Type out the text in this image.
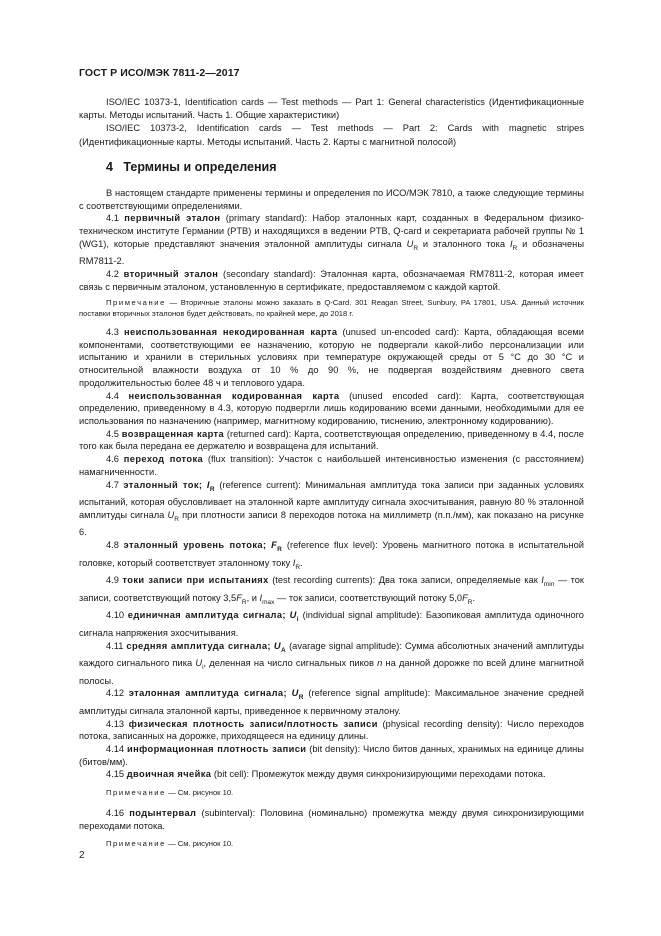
ГОСТ Р ИСО/МЭК 7811-2—2017

ISO/IEC 10373-1, Identification cards — Test methods — Part 1: General characteristics (Идентификационные карты. Методы испытаний. Часть 1. Общие характеристики)

ISO/IEC 10373-2, Identification cards — Test methods — Part 2: Cards with magnetic stripes (Идентификационные карты. Методы испытаний. Часть 2. Карты с магнитной полосой)

4 Термины и определения

В настоящем стандарте применены термины и определения по ИСО/МЭК 7810, а также следующие термины с соответствующими определениями.

4.1 первичный эталон (primary standard): Набор эталонных карт, созданных в Федеральном физико-техническом институте Германии (PTB) и находящихся в ведении PTB, Q-card и секретариата рабочей группы № 1 (WG1), которые представляют значения эталонной амплитуды сигнала $U_R$ и эталонного тока $I_R$ и обозначены RM7811-2.

4.2 вторичный эталон (secondary standard): Эталонная карта, обозначаемая RM7811-2, которая имеет связь с первичным эталоном, установленную в сертификате, предоставляемом с каждой картой.

Примечание — Вторичные эталоны можно заказать в Q-Card. 301 Reagan Street, Sunbury, PA 17801, USA. Данный источник поставки вторичных эталонов будет действовать, по крайней мере, до 2018 г.

4.3 неиспользованная некодированная карта (unused un-encoded card): Карта, обладающая всеми компонентами, соответствующими ее назначению, которую не подвергали какой-либо персонализации или испытанию и хранили в стерильных условиях при температуре окружающей среды от 5 °С до 30 °С и относительной влажности воздуха от 10 % до 90 %, не подвергая воздействиям дневного света продолжительностью более 48 ч и теплового удара.

4.4 неиспользованная кодированная карта (unused encoded card): Карта, соответствующая определению, приведенному в 4.3, которую подвергли лишь кодированию всеми данными, необходимыми для ее использования по назначению (например, магнитному кодированию, тиснению, электронному кодированию).

4.5 возвращенная карта (returned card): Карта, соответствующая определению, приведенному в 4.4, после того как была передана ее держателю и возвращена для испытаний.

4.6 переход потока (flux transition): Участок с наибольшей интенсивностью изменения (с расстоянием) намагниченности.

4.7 эталонный ток; $I_R$ (reference current): Минимальная амплитуда тока записи при заданных условиях испытаний, которая обусловливает на эталонной карте амплитуду сигнала эхосчитывания, равную 80 % эталонной амплитуды сигнала $U_R$ при плотности записи 8 переходов потока на миллиметр (п.п./мм), как показано на рисунке 6.

4.8 эталонный уровень потока; $F_R$ (reference flux level): Уровень магнитного потока в испытательной головке, который соответствует эталонному току $I_R$.

4.9 токи записи при испытаниях (test recording currents): Два тока записи, определяемые как $I_{min}$ — ток записи, соответствующий потоку $3,5F_R$, и $I_{max}$ — ток записи, соответствующий потоку $5,0F_R$.

4.10 единичная амплитуда сигнала; $U_i$ (individual signal amplitude): Базопиковая амплитуда одиночного сигнала напряжения эхосчитывания.

4.11 средняя амплитуда сигнала; $U_A$ (avarage signal amplitude): Сумма абсолютных значений амплитуды каждого сигнального пика $U_i$, деленная на число сигнальных пиков n на данной дорожке по всей длине магнитной полосы.

4.12 эталонная амплитуда сигнала; $U_R$ (reference signal amplitude): Максимальное значение средней амплитуды сигнала эталонной карты, приведенное к первичному эталону.

4.13 физическая плотность записи/плотность записи (physical recording density): Число переходов потока, записанных на дорожке, приходящееся на единицу длины.

4.14 информационная плотность записи (bit density): Число битов данных, хранимых на единице длины (битов/мм).

4.15 двоичная ячейка (bit cell): Промежуток между двумя синхронизирующими переходами потока.

Примечание — См. рисунок 10.

4.16 подынтервал (subinterval): Половина (номинально) промежутка между двумя синхронизирующими переходами потока.

Примечание — См. рисунок 10.

2
